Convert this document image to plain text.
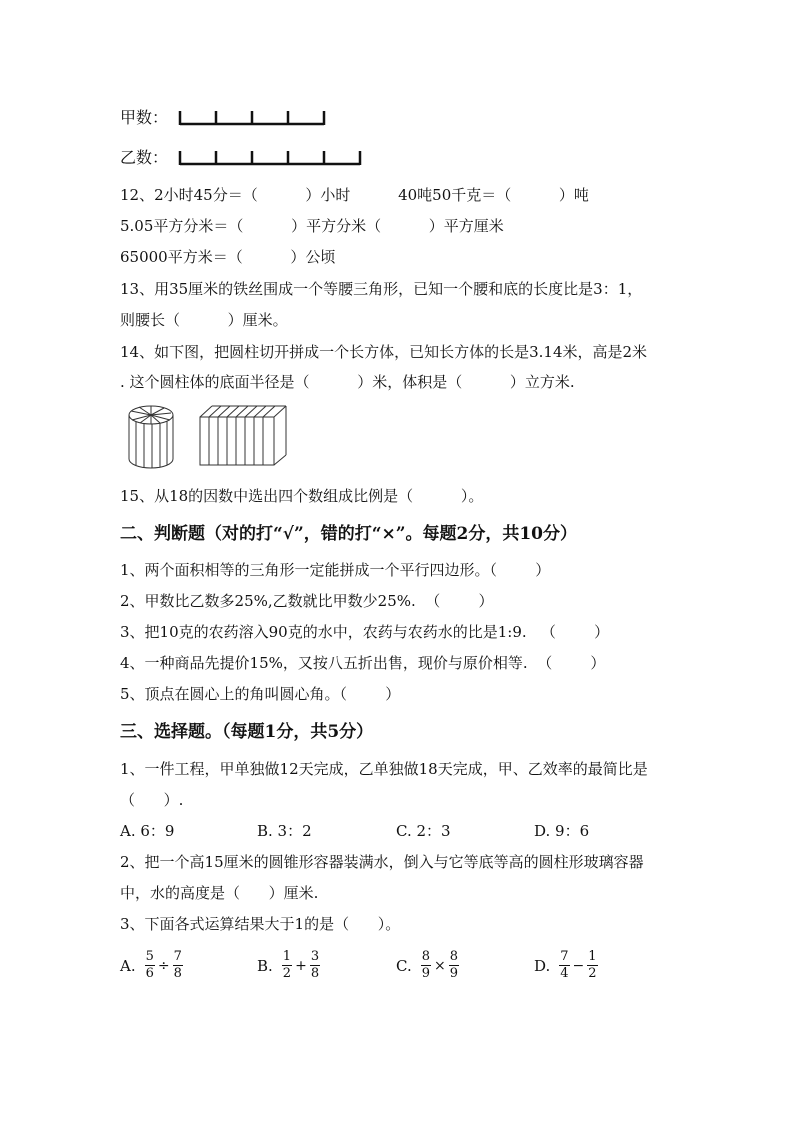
甲数：
乙数：
12、2小时45分＝（          ）小时          40吨50千克＝（          ）吨
5.05平方分米＝（          ）平方分米（          ）平方厘米
65000平方米＝（          ）公顷
13、用35厘米的铁丝围成一个等腰三角形，已知一个腰和底的长度比是3：1，
则腰长（          ）厘米。
14、如下图，把圆柱切开拼成一个长方体，已知长方体的长是3.14米，高是2米
. 这个圆柱体的底面半径是（          ）米，体积是（          ）立方米.
15、从18的因数中选出四个数组成比例是（          ）。
二、判断题（对的打“√”，错的打“×”。每题2分，共10分）
1、两个面积相等的三角形一定能拼成一个平行四边形。（        ）
2、甲数比乙数多25%,乙数就比甲数少25%.  （        ）
3、把10克的农药溶入90克的水中，农药与农药水的比是1:9.   （        ）
4、一种商品先提价15%，又按八五折出售，现价与原价相等.  （        ）
5、顶点在圆心上的角叫圆心角。（        ）
三、选择题。（每题1分，共5分）
1、一件工程，甲单独做12天完成，乙单独做18天完成，甲、乙效率的最简比是
（      ）.
A. 6：9	B. 3：2	C. 2：3	D. 9：6
2、把一个高15厘米的圆锥形容器装满水，倒入与它等底等高的圆柱形玻璃容器
中，水的高度是（      ）厘米.
3、下面各式运算结果大于1的是（      ）。
A. $\frac{5}{6} \div \frac{7}{8}$	B. $\frac{1}{2} + \frac{3}{8}$	C. $\frac{8}{9} \times \frac{8}{9}$	D. $\frac{7}{4} - \frac{1}{2}$
